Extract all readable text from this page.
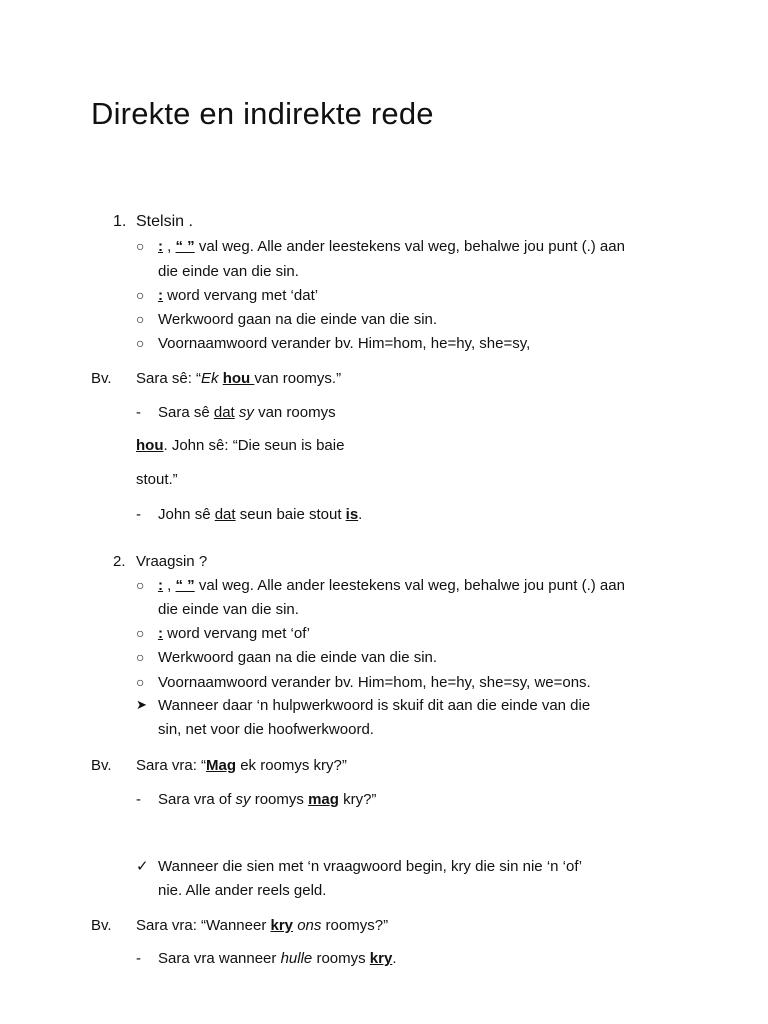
Direkte en indirekte rede
1. Stelsin .
○ : , “ ” val weg. Alle ander leestekens val weg, behalwe jou punt (.) aan
die einde van die sin.
○ : word vervang met ‘dat’
○ Werkwoord gaan na die einde van die sin.
○ Voornaamwoord verander bv. Him=hom, he=hy, she=sy,
Bv. Sara sê: “Ek hou van roomys.”
- Sara sê dat sy van roomys
hou. John sê: “Die seun is baie
stout.”
- John sê dat seun baie stout is.
2. Vraagsin ?
○ : , “ ” val weg. Alle ander leestekens val weg, behalwe jou punt (.) aan
die einde van die sin.
○ : word vervang met ‘of’
○ Werkwoord gaan na die einde van die sin.
○ Voornaamwoord verander bv. Him=hom, he=hy, she=sy, we=ons.
➤ Wanneer daar ‘n hulpwerkwoord is skuif dit aan die einde van die
sin, net voor die hoofwerkwoord.
Bv. Sara vra: “Mag ek roomys kry?”
- Sara vra of sy roomys mag kry?”
✓ Wanneer die sien met ‘n vraagwoord begin, kry die sin nie ‘n ‘of’
nie. Alle ander reels geld.
Bv. Sara vra: “Wanneer kry ons roomys?”
- Sara vra wanneer hulle roomys kry.
